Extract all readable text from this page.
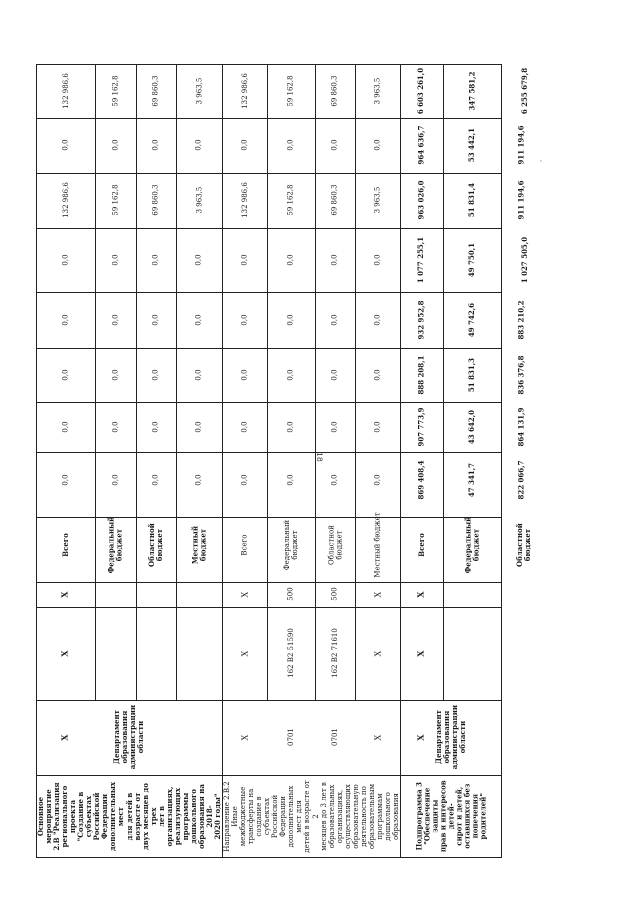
18
Основное мероприятие
2.В "Реализация
регионального проекта
"Создание в субъектах
Российской Федерации
дополнительных мест
для детей в возрасте от
двух месяцев до трех
лет в организациях,
реализующих
программы
дошкольного
образования на 2018-
2020 годы"
Департамент
образования
администрации
области
X
X
X
Всего
0,0
0,0
0,0
0,0
0,0
132 986,6
0,0
132 986,6
Федеральный
бюджет
0,0
0,0
0,0
0,0
0,0
59 162,8
0,0
59 162,8
Областной
бюджет
0,0
0,0
0,0
0,0
0,0
69 860,3
0,0
69 860,3
Местный бюджет
0,0
0,0
0,0
0,0
0,0
3 963,5
0,0
3 963,5
Направление 2.В.2 Иные
межбюджетные
трансферты на создание в
субъектах Российской
Федерации
дополнительных мест для
детей в возрасте от 2
месяцев до 3 лет в
образовательных
организациях,
осуществляющих
образовательную
деятельность по
образовательным
программам
дошкольного
образования
X
X
X
Всего
0,0
0,0
0,0
0,0
0,0
132 986,6
0,0
132 986,6
0701
162 В2 51590
500
Федеральный
бюджет
0,0
0,0
0,0
0,0
0,0
59 162,8
0,0
59 162,8
0701
162 В2 71610
500
Областной бюджет
0,0
0,0
0,0
0,0
0,0
69 860,3
0,0
69 860,3
X
X
X
Местный бюджет
0,0
0,0
0,0
0,0
0,0
3 963,5
0,0
3 963,5
Подпрограмма 3
"Обеспечение защиты
прав и интересов детей-
сирот и детей,
оставшихся без
попечения родителей"
Департамент
образования
администрации
области
X
X
X
Всего
869 408,4
907 773,9
888 208,1
932 952,8
1 077 255,1
963 026,0
964 636,7
6 603 261,0
Федеральный
бюджет
47 341,7
43 642,0
51 831,3
49 742,6
49 750,1
51 831,4
53 442,1
347 581,2
Областной
бюджет
822 066,7
864 131,9
836 376,8
883 210,2
1 027 505,0
911 194,6
911 194,6
6 255 679,8
